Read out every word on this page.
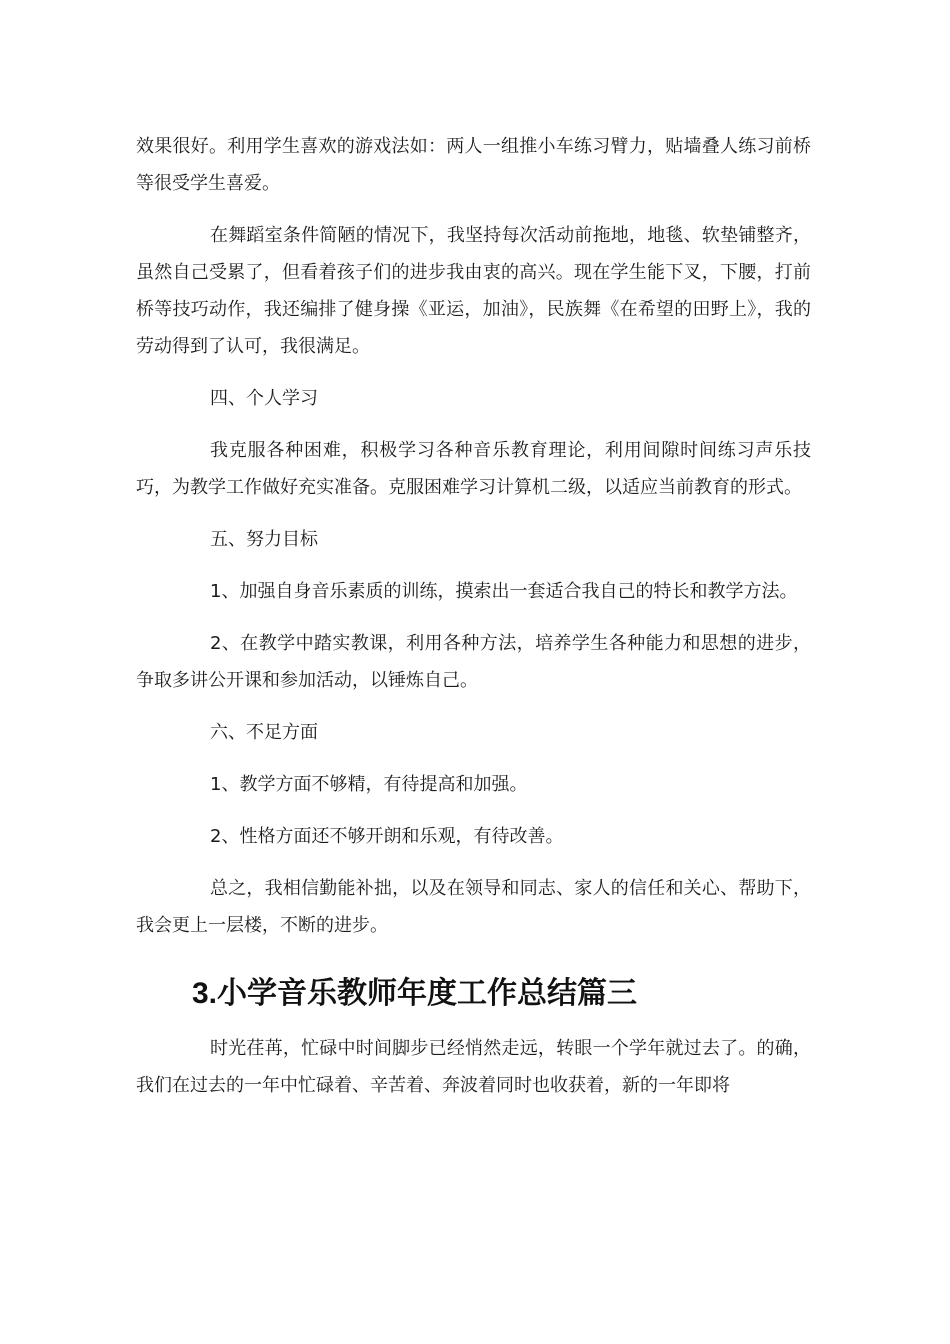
效果很好。利用学生喜欢的游戏法如：两人一组推小车练习臂力，贴墙叠人练习前桥等很受学生喜爱。

在舞蹈室条件简陋的情况下，我坚持每次活动前拖地，地毯、软垫铺整齐，虽然自己受累了，但看着孩子们的进步我由衷的高兴。现在学生能下叉，下腰，打前桥等技巧动作，我还编排了健身操《亚运，加油》，民族舞《在希望的田野上》，我的劳动得到了认可，我很满足。

四、个人学习

我克服各种困难，积极学习各种音乐教育理论，利用间隙时间练习声乐技巧，为教学工作做好充实准备。克服困难学习计算机二级，以适应当前教育的形式。

五、努力目标

1、加强自身音乐素质的训练，摸索出一套适合我自己的特长和教学方法。

2、在教学中踏实教课，利用各种方法，培养学生各种能力和思想的进步，争取多讲公开课和参加活动，以锤炼自己。

六、不足方面

1、教学方面不够精，有待提高和加强。

2、性格方面还不够开朗和乐观，有待改善。

总之，我相信勤能补拙，以及在领导和同志、家人的信任和关心、帮助下，我会更上一层楼，不断的进步。

3.小学音乐教师年度工作总结篇三

时光荏苒，忙碌中时间脚步已经悄然走远，转眼一个学年就过去了。的确，我们在过去的一年中忙碌着、辛苦着、奔波着同时也收获着，新的一年即将
